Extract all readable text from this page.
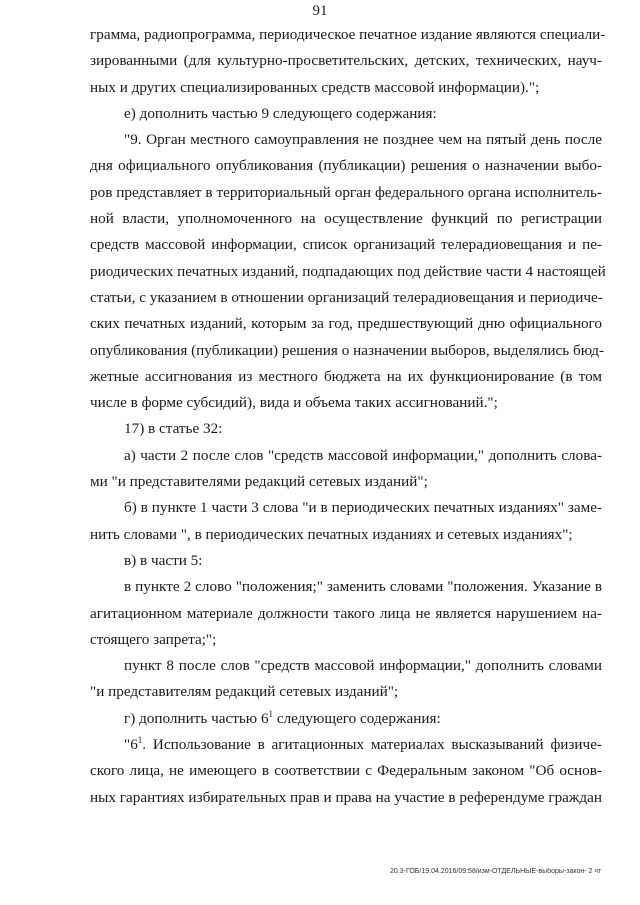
91
грамма, радиопрограмма, периодическое печатное издание являются специали-
зированными (для культурно-просветительских, детских, технических, науч-
ных и других специализированных средств массовой информации).";
е) дополнить частью 9 следующего содержания:
"9. Орган местного самоуправления не позднее чем на пятый день после
дня официального опубликования (публикации) решения о назначении выбо-
ров представляет в территориальный орган федерального органа исполнитель-
ной власти, уполномоченного на осуществление функций по регистрации
средств массовой информации, список организаций телерадиовещания и пе-
риодических печатных изданий, подпадающих под действие части 4 настоящей
статьи, с указанием в отношении организаций телерадиовещания и периодиче-
ских печатных изданий, которым за год, предшествующий дню официального
опубликования (публикации) решения о назначении выборов, выделялись бюд-
жетные ассигнования из местного бюджета на их функционирование (в том
числе в форме субсидий), вида и объема таких ассигнований.";
17) в статье 32:
а) части 2 после слов "средств массовой информации," дополнить слова-
ми "и представителями редакций сетевых изданий";
б) в пункте 1 части 3 слова "и в периодических печатных изданиях" заме-
нить словами ", в периодических печатных изданиях и сетевых изданиях";
в) в части 5:
в пункте 2 слово "положения;" заменить словами "положения. Указание в
агитационном материале должности такого лица не является нарушением на-
стоящего запрета;";
пункт 8 после слов "средств массовой информации," дополнить словами
"и представителям редакций сетевых изданий";
г) дополнить частью $6^1$ следующего содержания:
"$6^1$. Использование в агитационных материалах высказываний физиче-
ского лица, не имеющего в соответствии с Федеральным законом "Об основ-
ных гарантиях избирательных прав и права на участие в референдуме граждан
20.3-ГОБ/19.04.2016/09:58/изм-ОТДЕЛЬНЫЕ-выборы-закон- 2 чт
